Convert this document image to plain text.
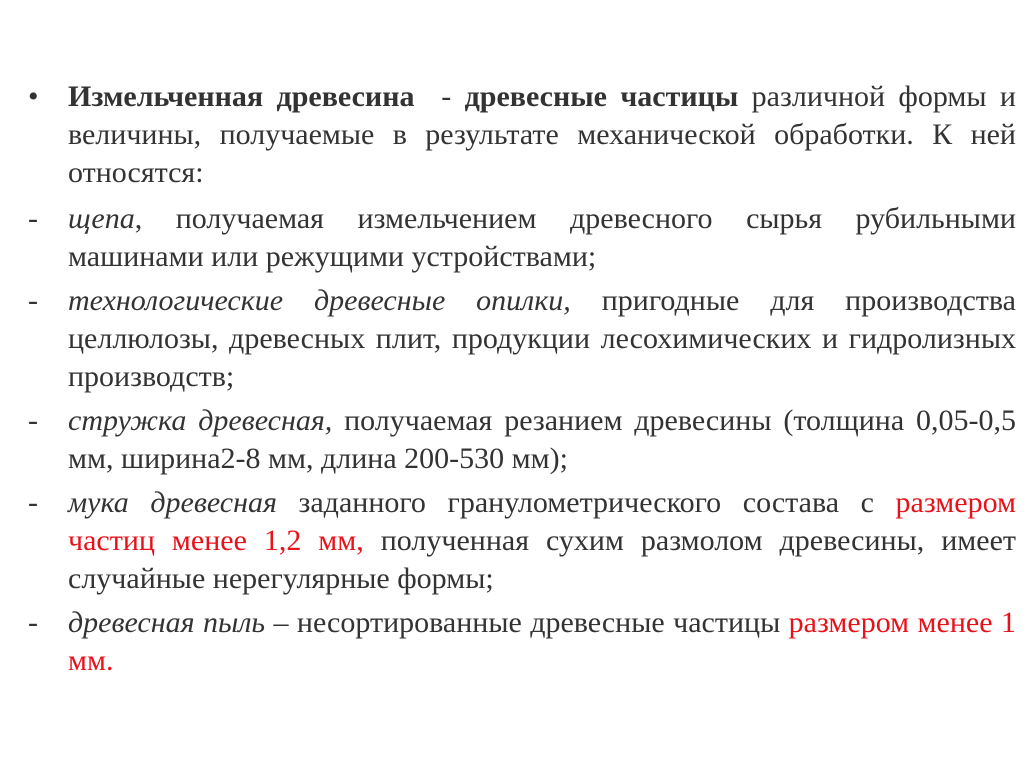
• Измельченная древесина  - древесные частицы различной формы и величины, получаемые в результате механической обработки. К ней относятся:
-	щепа, получаемая измельчением древесного сырья рубильными машинами или режущими устройствами;
-	технологические древесные опилки, пригодные для производства целлюлозы, древесных плит, продукции лесохимических и гидролизных производств;
-	стружка древесная, получаемая резанием древесины (толщина 0,05-0,5 мм, ширина2-8 мм, длина 200-530 мм);
-	мука древесная заданного гранулометрического состава с размером частиц менее 1,2 мм, полученная сухим размолом древесины, имеет случайные нерегулярные формы;
-	древесная пыль – несортированные древесные частицы размером менее 1 мм.
